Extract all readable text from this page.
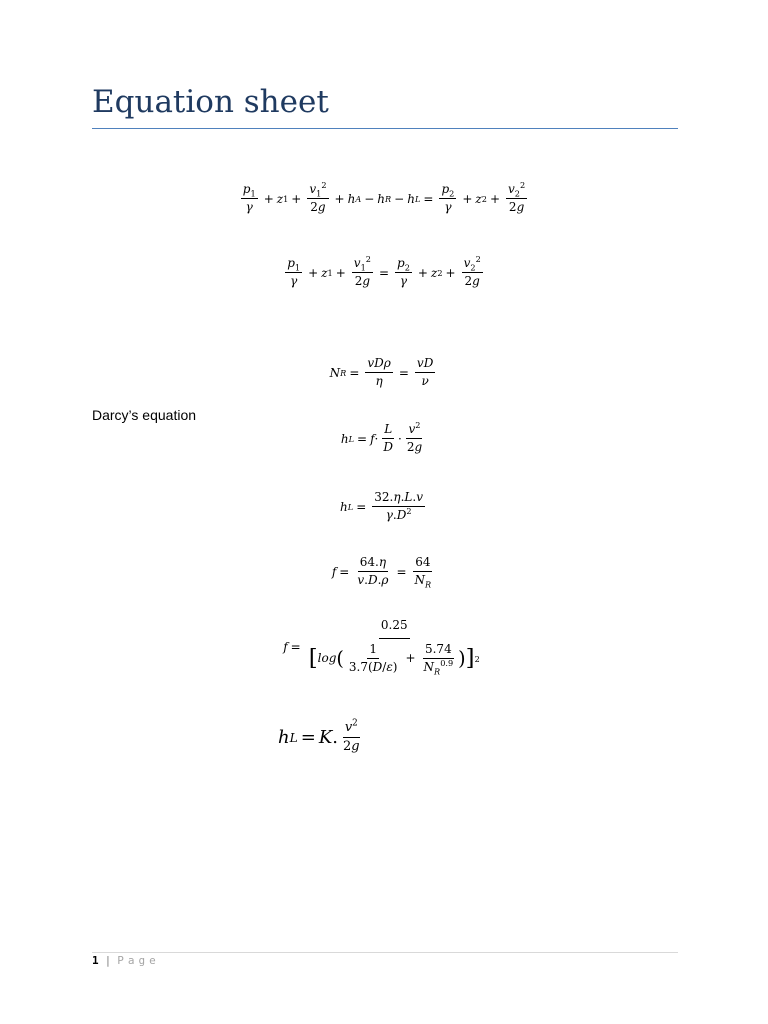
Equation sheet
$\frac{p_1}{\gamma} + z$ $1 + \frac{v_1^2}{2g} + h$ A − h R − h $L = \frac{p_2}{\gamma} + z$ $2 + \frac{v_2^2}{2g}$
$\frac{p_1}{\gamma} + z$ $1 + \frac{v_1^2}{2g} = \frac{p_2}{\gamma} + z$ $2 + \frac{v_2^2}{2g}$
N $R = \frac{\text{vDρ}}{\eta} = \frac{vD}{\nu}$
Darcy’s equation
h $L = f \cdot \frac{L}{D} \cdot \frac{v^2}{2g}$
h $L = \frac{32.\eta.L.v}{\gamma.D^2}$
$f = \frac{64.\eta}{v.D.\rho} = \frac{64}{N_R}$
f =
0.25
[ log ( $\frac{1}{3.7(D/\varepsilon)} + \frac{5.74}{N_R^{0.9}}$ ) ] 2
h L = K . $\frac{v^2}{2g}$
1 | Page
